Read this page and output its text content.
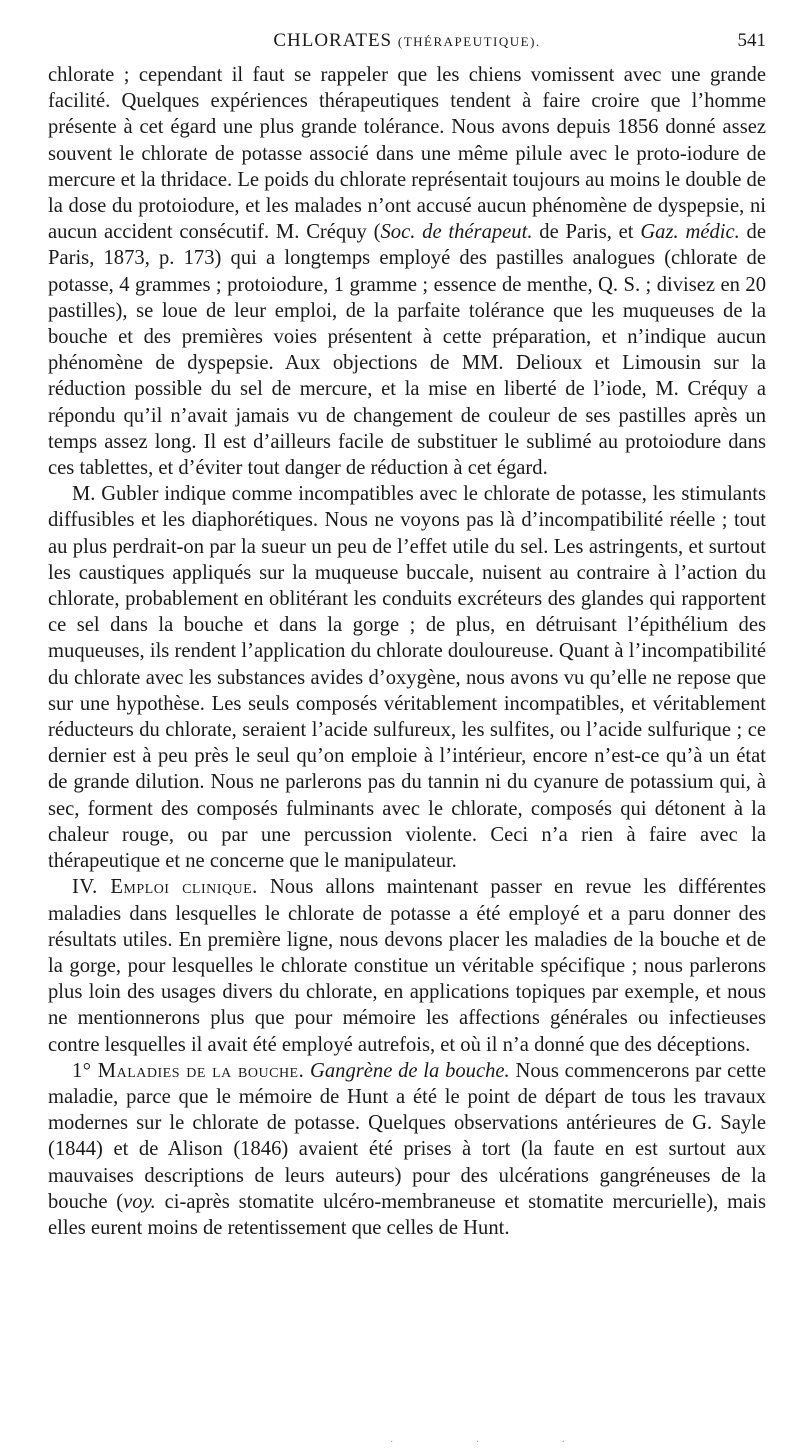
CHLORATES (THÉRAPEUTIQUE).	541

chlorate ; cependant il faut se rappeler que les chiens vomissent avec une grande facilité. Quelques expériences thérapeutiques tendent à faire croire que l’homme présente à cet égard une plus grande tolérance. Nous avons depuis 1856 donné assez souvent le chlorate de potasse associé dans une même pilule avec le proto-iodure de mercure et la thridace. Le poids du chlorate représentait toujours au moins le double de la dose du protoiodure, et les malades n’ont accusé aucun phénomène de dyspepsie, ni aucun accident consécutif. M. Créquy (Soc. de thérapeut. de Paris, et Gaz. médic. de Paris, 1873, p. 173) qui a longtemps employé des pastilles analogues (chlorate de potasse, 4 grammes ; protoiodure, 1 gramme ; essence de menthe, Q. S. ; divisez en 20 pastilles), se loue de leur emploi, de la parfaite tolérance que les muqueuses de la bouche et des premières voies présentent à cette préparation, et n’indique aucun phénomène de dyspepsie. Aux objections de MM. Delioux et Limousin sur la réduction possible du sel de mercure, et la mise en liberté de l’iode, M. Créquy a répondu qu’il n’avait jamais vu de changement de couleur de ses pastilles après un temps assez long. Il est d’ailleurs facile de substituer le sublimé au protoiodure dans ces tablettes, et d’éviter tout danger de réduction à cet égard.

M. Gubler indique comme incompatibles avec le chlorate de potasse, les stimulants diffusibles et les diaphorétiques. Nous ne voyons pas là d’incompatibilité réelle ; tout au plus perdrait-on par la sueur un peu de l’effet utile du sel. Les astringents, et surtout les caustiques appliqués sur la muqueuse buccale, nuisent au contraire à l’action du chlorate, probablement en oblitérant les conduits excréteurs des glandes qui rapportent ce sel dans la bouche et dans la gorge ; de plus, en détruisant l’épithélium des muqueuses, ils rendent l’application du chlorate douloureuse. Quant à l’incompatibilité du chlorate avec les substances avides d’oxygène, nous avons vu qu’elle ne repose que sur une hypothèse. Les seuls composés véritablement incompatibles, et véritablement réducteurs du chlorate, seraient l’acide sulfureux, les sulfites, ou l’acide sulfurique ; ce dernier est à peu près le seul qu’on emploie à l’intérieur, encore n’est-ce qu’à un état de grande dilution. Nous ne parlerons pas du tannin ni du cyanure de potassium qui, à sec, forment des composés fulminants avec le chlorate, composés qui détonent à la chaleur rouge, ou par une percussion violente. Ceci n’a rien à faire avec la thérapeutique et ne concerne que le manipulateur.

IV. Emploi clinique. Nous allons maintenant passer en revue les différentes maladies dans lesquelles le chlorate de potasse a été employé et a paru donner des résultats utiles. En première ligne, nous devons placer les maladies de la bouche et de la gorge, pour lesquelles le chlorate constitue un véritable spécifique ; nous parlerons plus loin des usages divers du chlorate, en applications topiques par exemple, et nous ne mentionnerons plus que pour mémoire les affections générales ou infectieuses contre lesquelles il avait été employé autrefois, et où il n’a donné que des déceptions.

1° Maladies de la bouche. Gangrène de la bouche. Nous commencerons par cette maladie, parce que le mémoire de Hunt a été le point de départ de tous les travaux modernes sur le chlorate de potasse. Quelques observations antérieures de G. Sayle (1844) et de Alison (1846) avaient été prises à tort (la faute en est surtout aux mauvaises descriptions de leurs auteurs) pour des ulcérations gangréneuses de la bouche (voy. ci-après stomatite ulcéro-membraneuse et stomatite mercurielle), mais elles eurent moins de retentissement que celles de Hunt.

· · ·
